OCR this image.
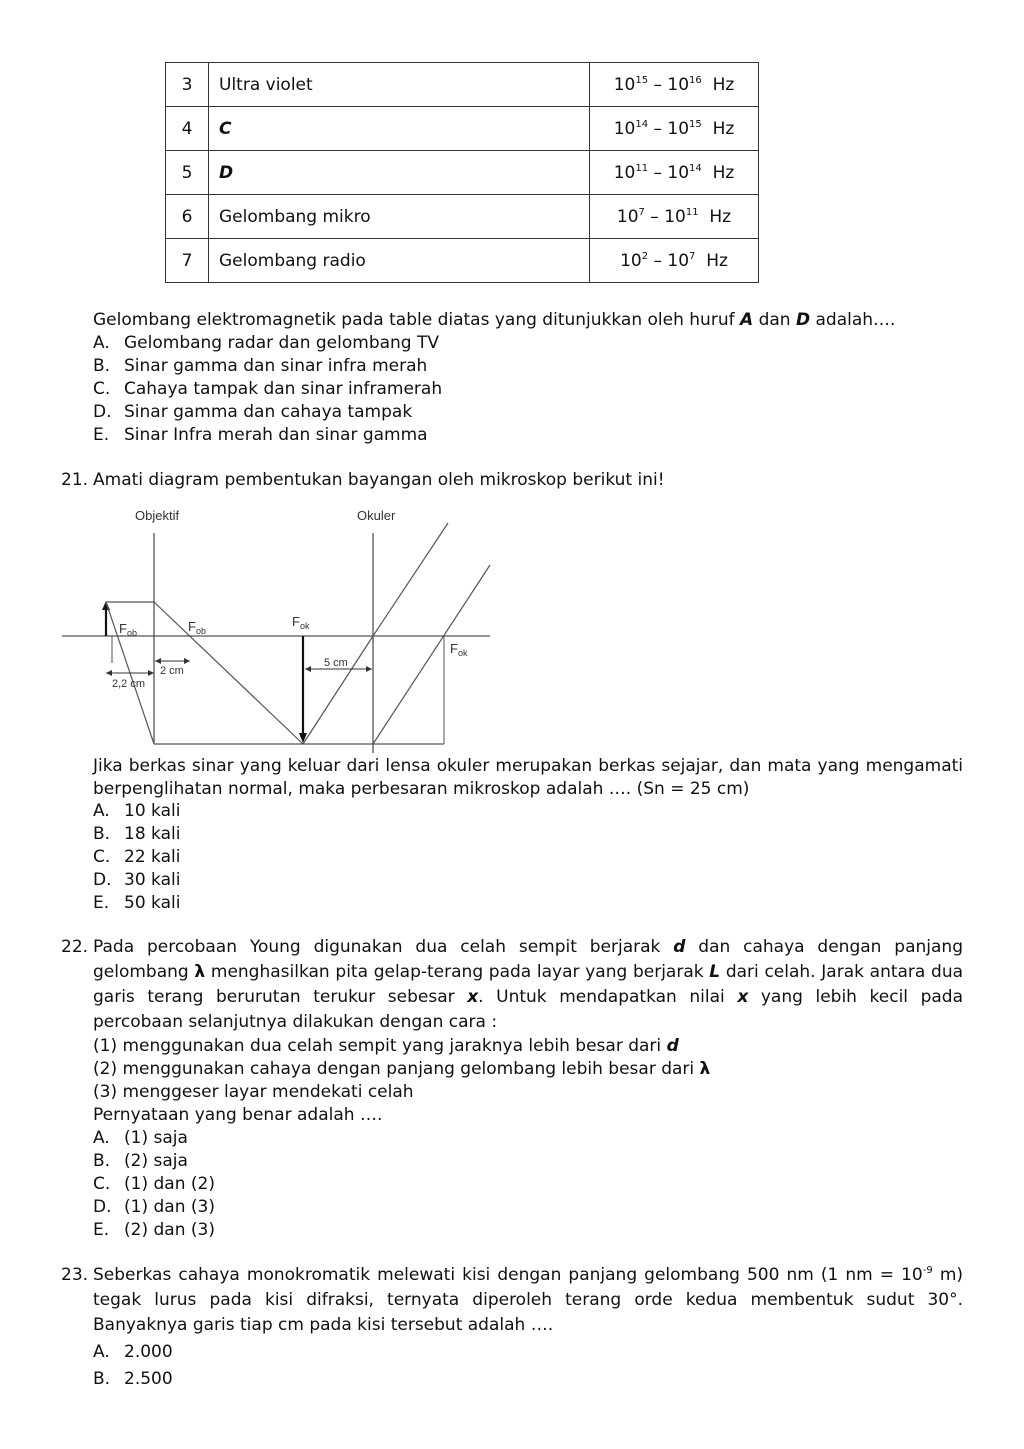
3	Ultra violet	$10^{15} - 10^{16}$ Hz
4	C	$10^{14} - 10^{15}$ Hz
5	D	$10^{11} - 10^{14}$ Hz
6	Gelombang mikro	$10^7 - 10^{11}$ Hz
7	Gelombang radio	$10^2 - 10^7$ Hz
Gelombang elektromagnetik pada table diatas yang ditunjukkan oleh huruf A dan D adalah….
A. Gelombang radar dan gelombang TV
B. Sinar gamma dan sinar infra merah
C. Cahaya tampak dan sinar inframerah
D. Sinar gamma dan cahaya tampak
E. Sinar Infra merah dan sinar gamma
21. Amati diagram pembentukan bayangan oleh mikroskop berikut ini!
Objektif	Okuler
$F_{ob}$	$F_{ob}$
$F_{ok}$
$F_{ok}$
2 cm
2,2 cm
5 cm
Jika berkas sinar yang keluar dari lensa okuler merupakan berkas sejajar, dan mata yang mengamati berpenglihatan normal, maka perbesaran mikroskop adalah …. (Sn = 25 cm)
A. 10 kali
B. 18 kali
C. 22 kali
D. 30 kali
E. 50 kali
22. Pada percobaan Young digunakan dua celah sempit berjarak d dan cahaya dengan panjang gelombang λ menghasilkan pita gelap-terang pada layar yang berjarak L dari celah. Jarak antara dua garis terang berurutan terukur sebesar x. Untuk mendapatkan nilai x yang lebih kecil pada percobaan selanjutnya dilakukan dengan cara :
(1) menggunakan dua celah sempit yang jaraknya lebih besar dari d
(2) menggunakan cahaya dengan panjang gelombang lebih besar dari λ
(3) menggeser layar mendekati celah
Pernyataan yang benar adalah ….
A. (1) saja
B. (2) saja
C. (1) dan (2)
D. (1) dan (3)
E. (2) dan (3)
23. Seberkas cahaya monokromatik melewati kisi dengan panjang gelombang 500 nm (1 nm = $10^{-9}$ m) tegak lurus pada kisi difraksi, ternyata diperoleh terang orde kedua membentuk sudut 30°. Banyaknya garis tiap cm pada kisi tersebut adalah ….
A. 2.000
B. 2.500
